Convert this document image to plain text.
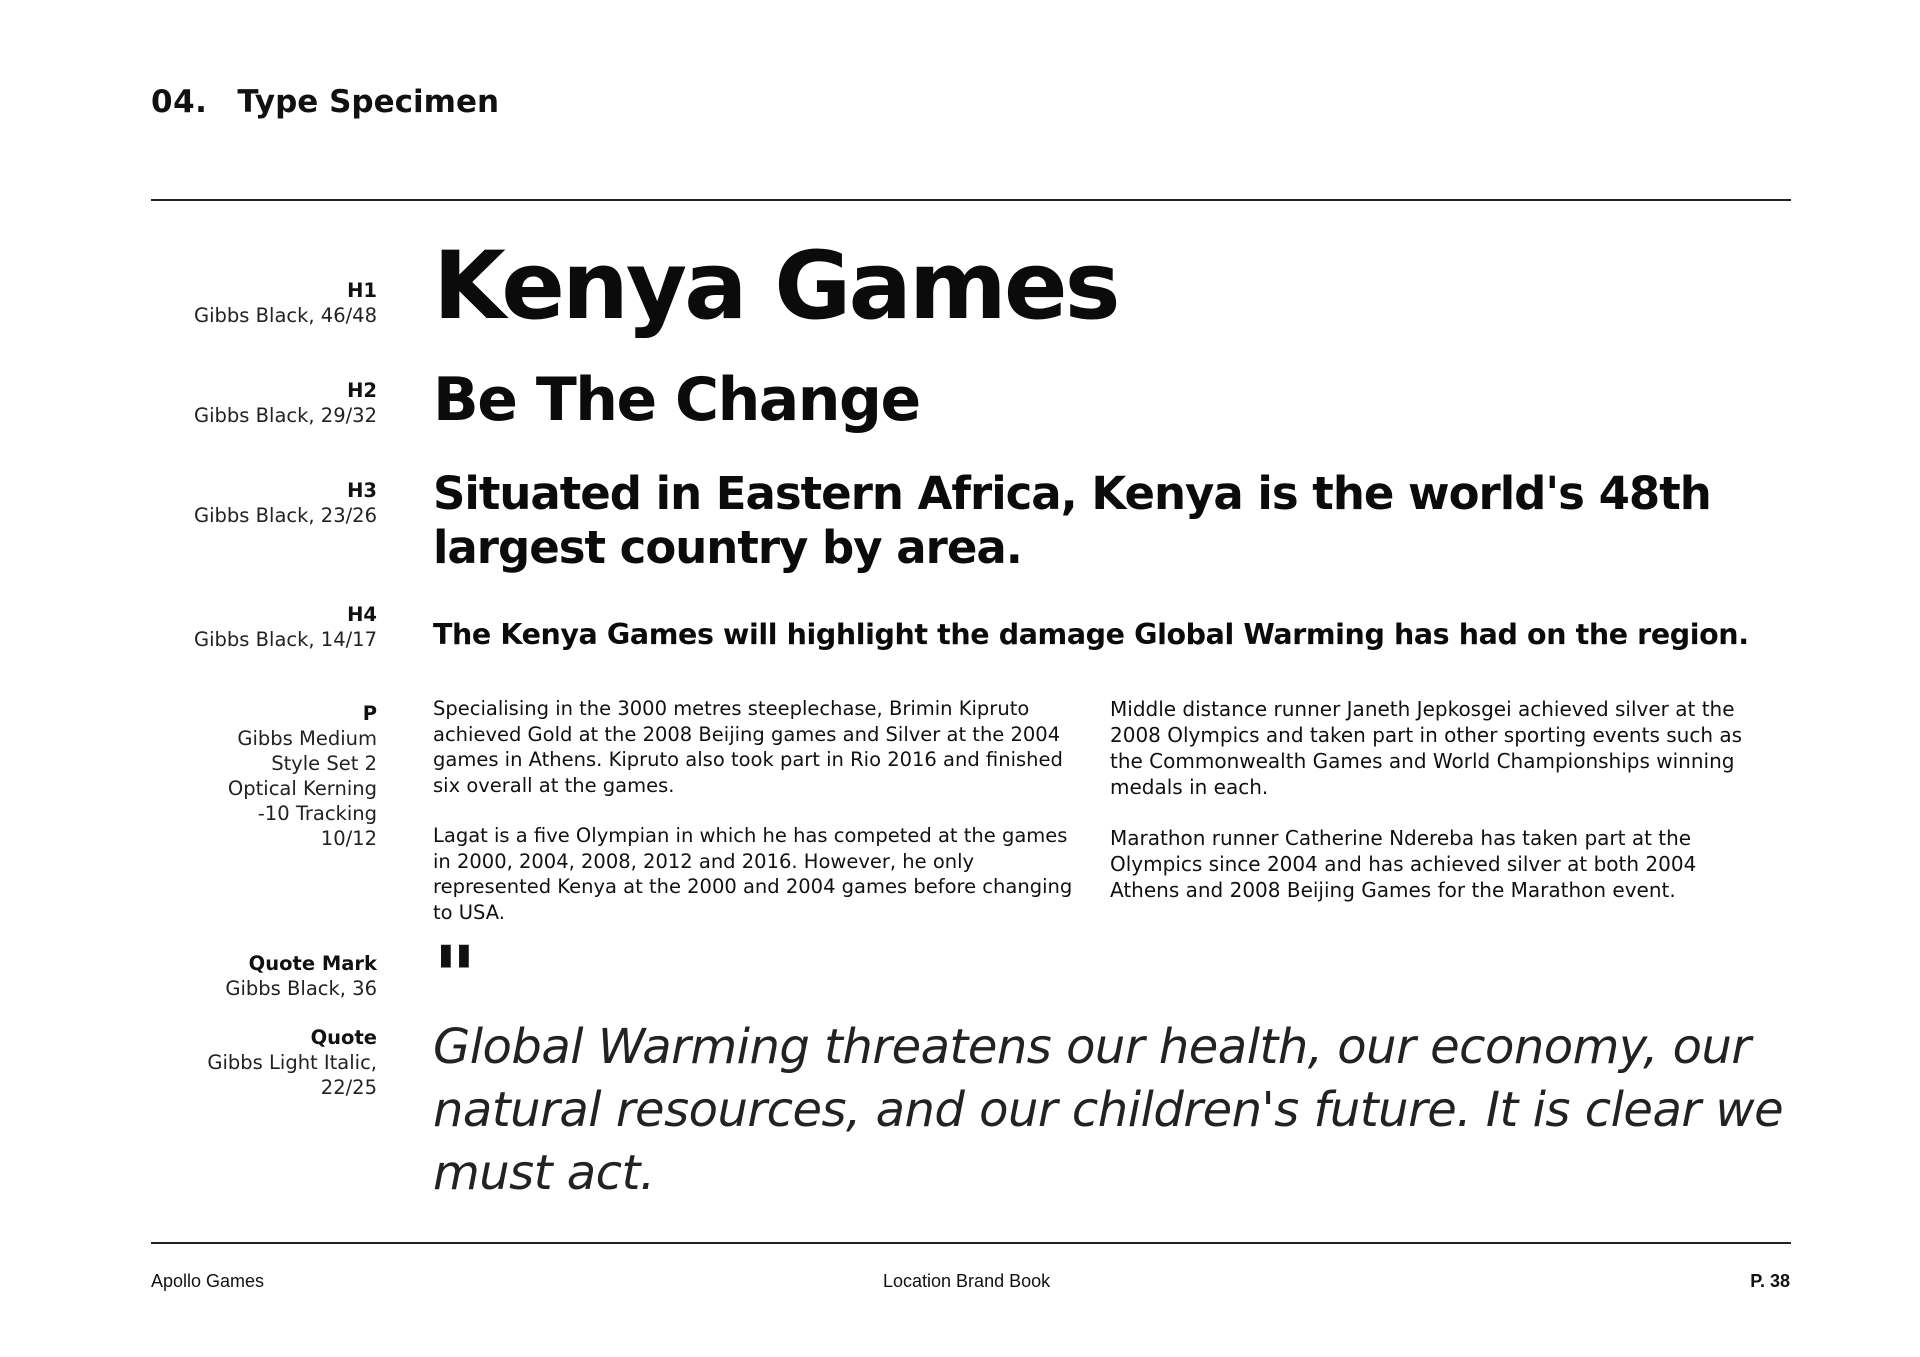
04. Type Specimen
H1
Gibbs Black, 46/48
H2
Gibbs Black, 29/32
H3
Gibbs Black, 23/26
H4
Gibbs Black, 14/17
P
Gibbs Medium
Style Set 2
Optical Kerning
-10 Tracking
10/12
Quote Mark
Gibbs Black, 36
Quote
Gibbs Light Italic,
22/25
Kenya Games
Be The Change
Situated in Eastern Africa, Kenya is the world's 48th largest country by area.
The Kenya Games will highlight the damage Global Warming has had on the region.

Specialising in the 3000 metres steeplechase, Brimin Kipruto achieved Gold at the 2008 Beijing games and Silver at the 2004 games in Athens. Kipruto also took part in Rio 2016 and finished six overall at the games.

Lagat is a five Olympian in which he has competed at the games in 2000, 2004, 2008, 2012 and 2016. However, he only represented Kenya at the 2000 and 2004 games before changing to USA.

Middle distance runner Janeth Jepkosgei achieved silver at the 2008 Olympics and taken part in other sporting events such as the Commonwealth Games and World Championships winning medals in each.

Marathon runner Catherine Ndereba has taken part at the Olympics since 2004 and has achieved silver at both 2004 Athens and 2008 Beijing Games for the Marathon event.

"
Global Warming threatens our health, our economy, our natural resources, and our children's future. It is clear we must act.
Apollo Games	Location Brand Book	P. 38
